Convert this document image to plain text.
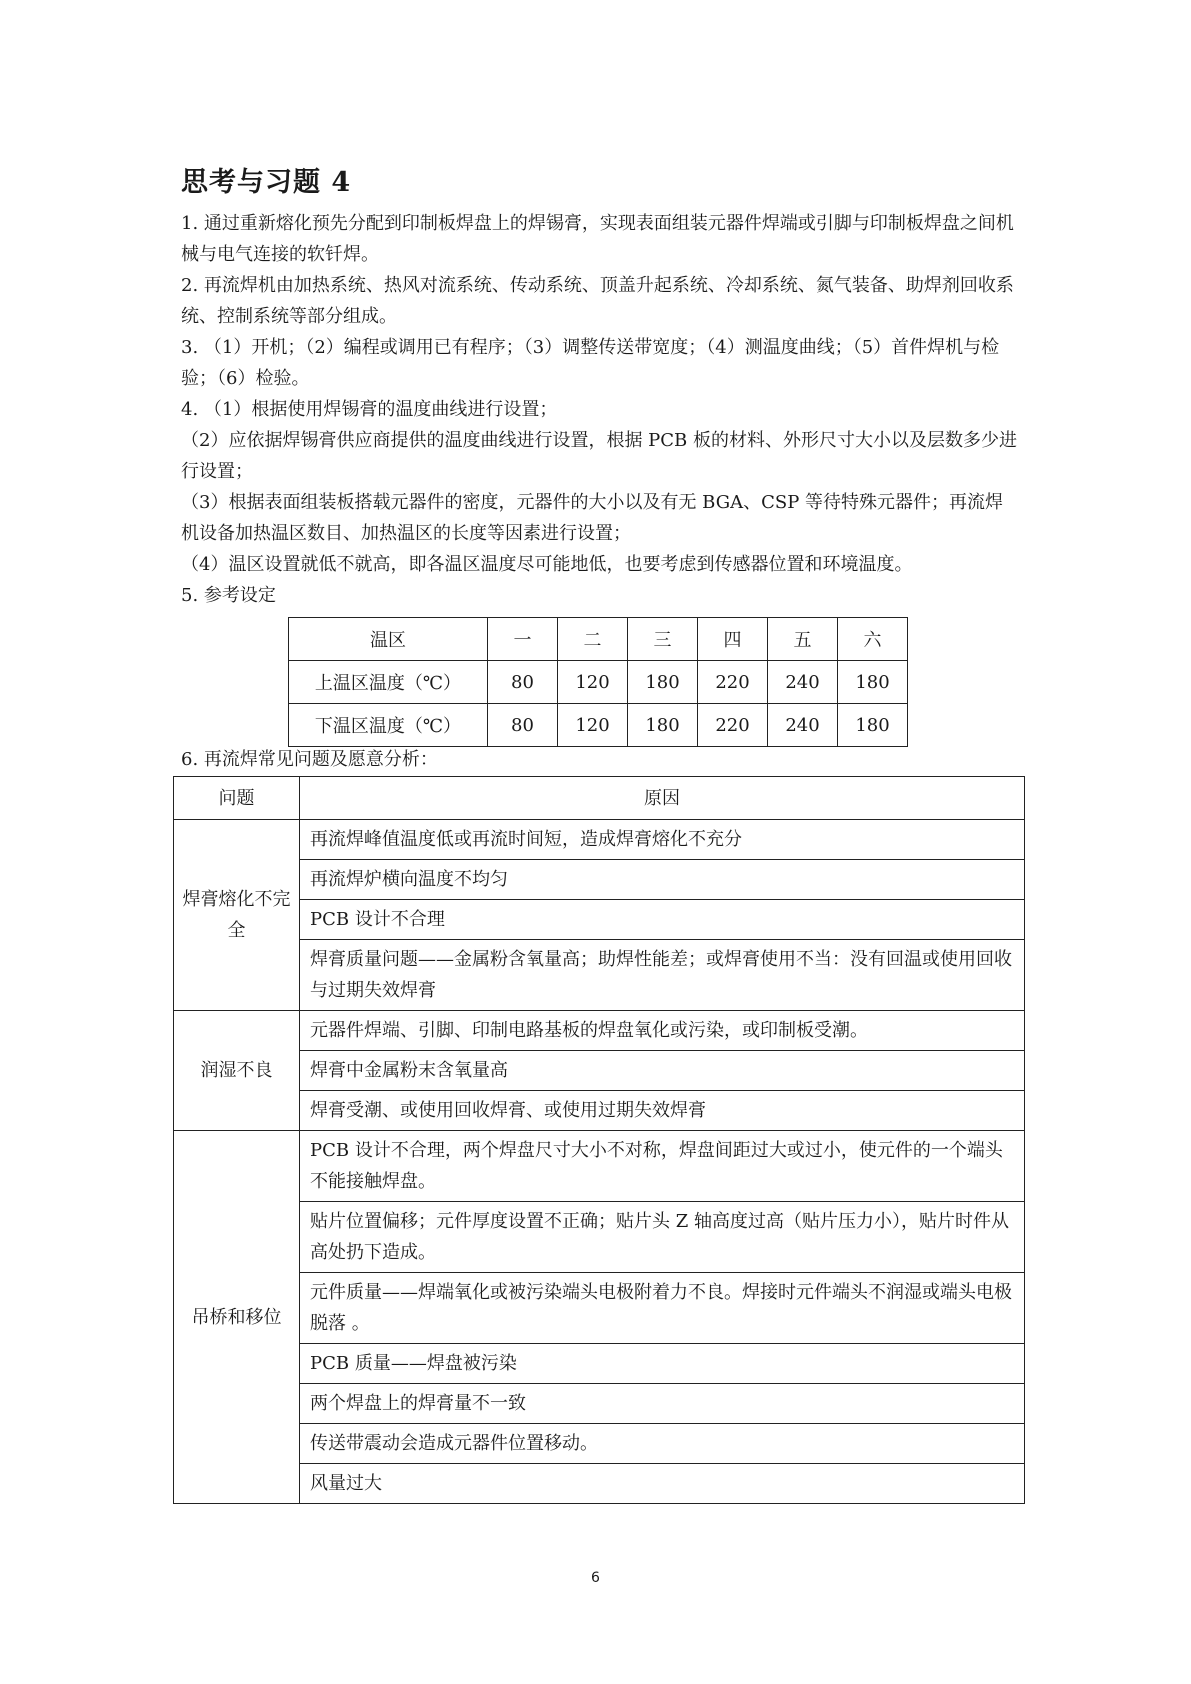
思考与习题 4

1. 通过重新熔化预先分配到印制板焊盘上的焊锡膏，实现表面组装元器件焊端或引脚与印制板焊盘之间机械与电气连接的软钎焊。

2. 再流焊机由加热系统、热风对流系统、传动系统、顶盖升起系统、冷却系统、氮气装备、助焊剂回收系统、控制系统等部分组成。

3. （1）开机；（2）编程或调用已有程序；（3）调整传送带宽度；（4）测温度曲线；（5）首件焊机与检验；（6）检验。

4. （1）根据使用焊锡膏的温度曲线进行设置；

（2）应依据焊锡膏供应商提供的温度曲线进行设置，根据 PCB 板的材料、外形尺寸大小以及层数多少进行设置；

（3）根据表面组装板搭载元器件的密度，元器件的大小以及有无 BGA、CSP 等待特殊元器件；再流焊机设备加热温区数目、加热温区的长度等因素进行设置；

（4）温区设置就低不就高，即各温区温度尽可能地低，也要考虑到传感器位置和环境温度。

5. 参考设定

温区	一	二	三	四	五	六
上温区温度（℃）	80	120	180	220	240	180
下温区温度（℃）	80	120	180	220	240	180

6. 再流焊常见问题及愿意分析：

问题	原因
焊膏熔化不完全	再流焊峰值温度低或再流时间短，造成焊膏熔化不充分
	再流焊炉横向温度不均匀
	PCB 设计不合理
	焊膏质量问题——金属粉含氧量高；助焊性能差；或焊膏使用不当：没有回温或使用回收与过期失效焊膏
润湿不良	元器件焊端、引脚、印制电路基板的焊盘氧化或污染，或印制板受潮。
	焊膏中金属粉末含氧量高
	焊膏受潮、或使用回收焊膏、或使用过期失效焊膏
吊桥和移位	PCB 设计不合理，两个焊盘尺寸大小不对称，焊盘间距过大或过小，使元件的一个端头不能接触焊盘。
	贴片位置偏移；元件厚度设置不正确；贴片头 Z 轴高度过高（贴片压力小），贴片时件从高处扔下造成。
	元件质量——焊端氧化或被污染端头电极附着力不良。焊接时元件端头不润湿或端头电极脱落 。
	PCB 质量——焊盘被污染
	两个焊盘上的焊膏量不一致
	传送带震动会造成元器件位置移动。
	风量过大
6
